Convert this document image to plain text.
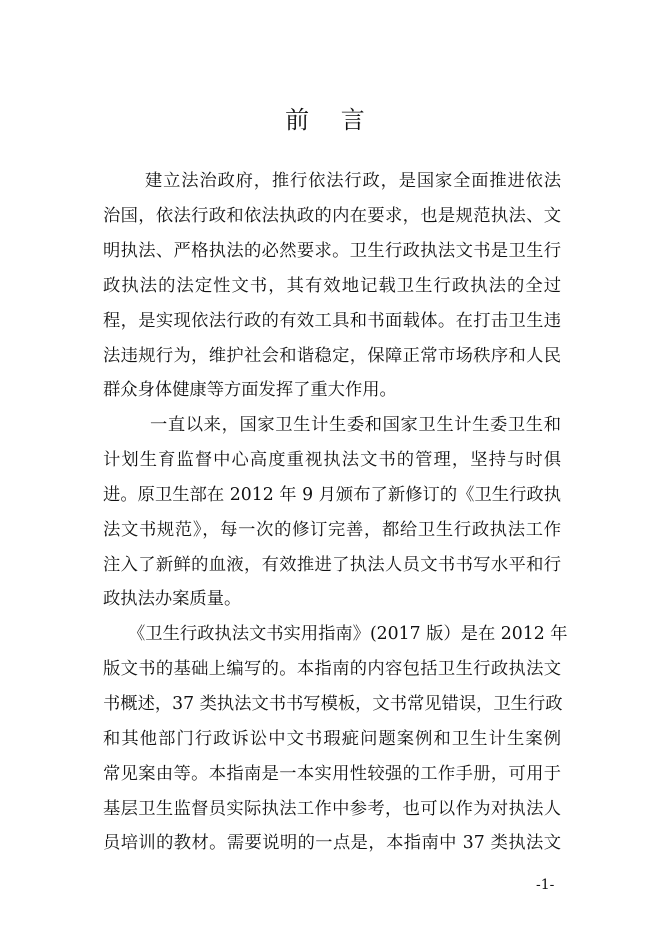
前 言
建立法治政府，推行依法行政，是国家全面推进依法
治国，依法行政和依法执政的内在要求，也是规范执法、文
明执法、严格执法的必然要求。卫生行政执法文书是卫生行
政执法的法定性文书，其有效地记载卫生行政执法的全过
程，是实现依法行政的有效工具和书面载体。在打击卫生违
法违规行为，维护社会和谐稳定，保障正常市场秩序和人民
群众身体健康等方面发挥了重大作用。
一直以来，国家卫生计生委和国家卫生计生委卫生和
计划生育监督中心高度重视执法文书的管理，坚持与时俱
进。原卫生部在 2012 年 9 月颁布了新修订的《卫生行政执
法文书规范》，每一次的修订完善，都给卫生行政执法工作
注入了新鲜的血液，有效推进了执法人员文书书写水平和行
政执法办案质量。
《卫生行政执法文书实用指南》(2017 版）是在 2012 年
版文书的基础上编写的。本指南的内容包括卫生行政执法文
书概述，37 类执法文书书写模板，文书常见错误，卫生行政
和其他部门行政诉讼中文书瑕疵问题案例和卫生计生案例
常见案由等。本指南是一本实用性较强的工作手册，可用于
基层卫生监督员实际执法工作中参考，也可以作为对执法人
员培训的教材。需要说明的一点是，本指南中 37 类执法文
-1-
